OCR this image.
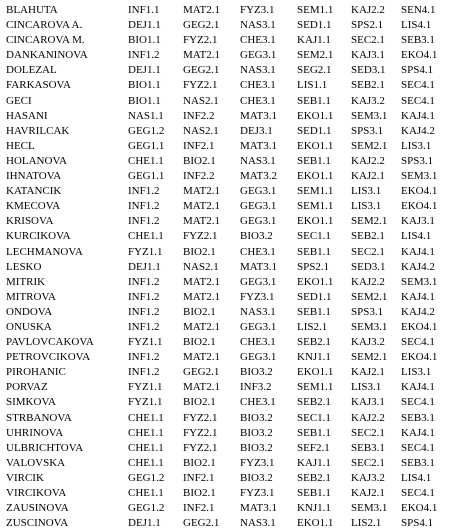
BLAHUTA	INF1.1	MAT2.1	FYZ3.1	SEM1.1	KAJ2.2	SEN4.1
CINCAROVA A.	DEJ1.1	GEG2.1	NAS3.1	SED1.1	SPS2.1	LIS4.1
CINCAROVA M.	BIO1.1	FYZ2.1	CHE3.1	KAJ1.1	SEC2.1	SEB3.1
DANKANINOVA	INF1.2	MAT2.1	GEG3.1	SEM2.1	KAJ3.1	EKO4.1
DOLEZAL	DEJ1.1	GEG2.1	NAS3.1	SEG2.1	SED3.1	SPS4.1
FARKASOVA	BIO1.1	FYZ2.1	CHE3.1	LIS1.1	SEB2.1	SEC4.1
GECI	BIO1.1	NAS2.1	CHE3.1	SEB1.1	KAJ3.2	SEC4.1
HASANI	NAS1.1	INF2.2	MAT3.1	EKO1.1	SEM3.1	KAJ4.1
HAVRILCAK	GEG1.2	NAS2.1	DEJ3.1	SED1.1	SPS3.1	KAJ4.2
HECL	GEG1.1	INF2.1	MAT3.1	EKO1.1	SEM2.1	LIS3.1
HOLANOVA	CHE1.1	BIO2.1	NAS3.1	SEB1.1	KAJ2.2	SPS3.1
IHNATOVA	GEG1.1	INF2.2	MAT3.2	EKO1.1	KAJ2.1	SEM3.1
KATANCIK	INF1.2	MAT2.1	GEG3.1	SEM1.1	LIS3.1	EKO4.1
KMECOVA	INF1.2	MAT2.1	GEG3.1	SEM1.1	LIS3.1	EKO4.1
KRISOVA	INF1.2	MAT2.1	GEG3.1	EKO1.1	SEM2.1	KAJ3.1
KURCIKOVA	CHE1.1	FYZ2.1	BIO3.2	SEC1.1	SEB2.1	LIS4.1
LECHMANOVA	FYZ1.1	BIO2.1	CHE3.1	SEB1.1	SEC2.1	KAJ4.1
LESKO	DEJ1.1	NAS2.1	MAT3.1	SPS2.1	SED3.1	KAJ4.2
MITRIK	INF1.2	MAT2.1	GEG3.1	EKO1.1	KAJ2.2	SEM3.1
MITROVA	INF1.2	MAT2.1	FYZ3.1	SED1.1	SEM2.1	KAJ4.1
ONDOVA	INF1.2	BIO2.1	NAS3.1	SEB1.1	SPS3.1	KAJ4.2
ONUSKA	INF1.2	MAT2.1	GEG3.1	LIS2.1	SEM3.1	EKO4.1
PAVLOVCAKOVA	FYZ1.1	BIO2.1	CHE3.1	SEB2.1	KAJ3.2	SEC4.1
PETROVCIKOVA	INF1.2	MAT2.1	GEG3.1	KNJ1.1	SEM2.1	EKO4.1
PIROHANIC	INF1.2	GEG2.1	BIO3.2	EKO1.1	KAJ2.1	LIS3.1
PORVAZ	FYZ1.1	MAT2.1	INF3.2	SEM1.1	LIS3.1	KAJ4.1
SIMKOVA	FYZ1.1	BIO2.1	CHE3.1	SEB2.1	KAJ3.1	SEC4.1
STRBANOVA	CHE1.1	FYZ2.1	BIO3.2	SEC1.1	KAJ2.2	SEB3.1
UHRINOVA	CHE1.1	FYZ2.1	BIO3.2	SEB1.1	SEC2.1	KAJ4.1
ULBRICHTOVA	CHE1.1	FYZ2.1	BIO3.2	SEF2.1	SEB3.1	SEC4.1
VALOVSKA	CHE1.1	BIO2.1	FYZ3.1	KAJ1.1	SEC2.1	SEB3.1
VIRCIK	GEG1.2	INF2.1	BIO3.2	SEB2.1	KAJ3.2	LIS4.1
VIRCIKOVA	CHE1.1	BIO2.1	FYZ3.1	SEB1.1	KAJ2.1	SEC4.1
ZAUSINOVA	GEG1.2	INF2.1	MAT3.1	KNJ1.1	SEM3.1	EKO4.1
ZUSCINOVA	DEJ1.1	GEG2.1	NAS3.1	EKO1.1	LIS2.1	SPS4.1
